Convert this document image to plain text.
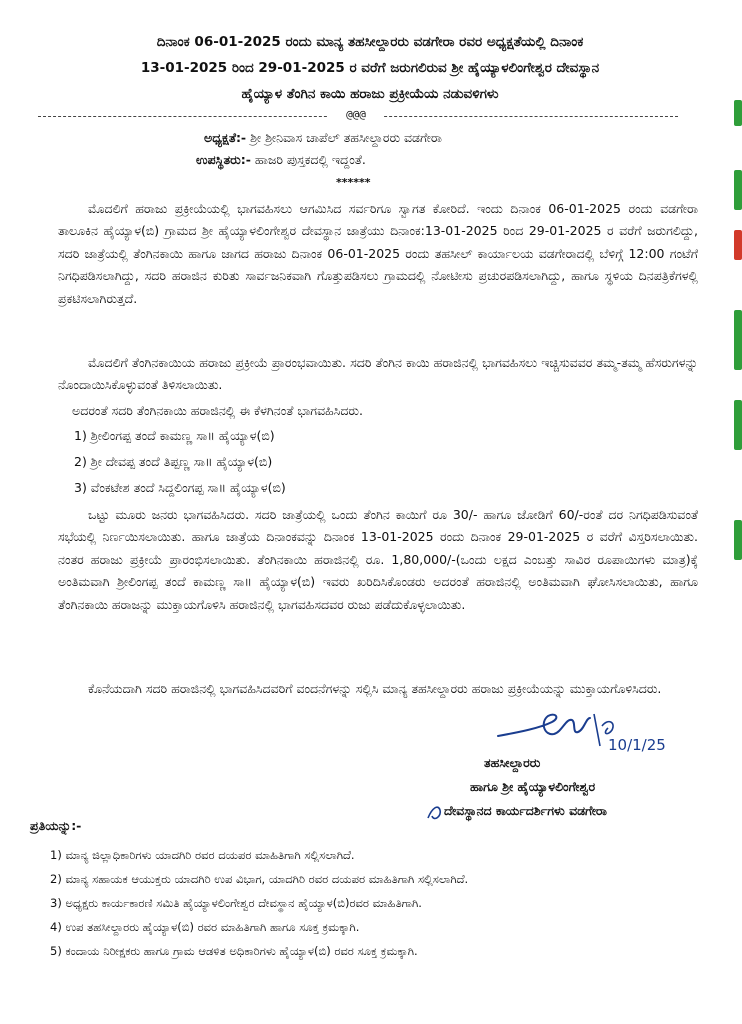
ದಿನಾಂಕ 06-01-2025 ರಂದು ಮಾನ್ಯ ತಹಸೀಲ್ದಾರರು ವಡಗೇರಾ ರವರ ಅಧ್ಯಕ್ಷತೆಯಲ್ಲಿ ದಿನಾಂಕ
13-01-2025 ರಿಂದ 29-01-2025 ರ ವರೆಗೆ ಜರುಗಲಿರುವ ಶ್ರೀ ಹೈಯ್ಯಾಳಲಿಂಗೇಶ್ವರ ದೇವಸ್ಥಾನ
ಹೈಯ್ಯಾಳ ತೆಂಗಿನ ಕಾಯಿ ಹರಾಜು ಪ್ರಕ್ರೀಯೆಯ ನಡುವಳಿಗಳು
@@@
ಅಧ್ಯಕ್ಷತೆ:- ಶ್ರೀ ಶ್ರೀನಿವಾಸ ಚಾಪೆಲ್ ತಹಸೀಲ್ದಾರರು ವಡಗೇರಾ
ಉಪಸ್ಥಿತರು:- ಹಾಜರಿ ಪುಸ್ತಕದಲ್ಲಿ ಇದ್ದಂತೆ.
******

ಮೊದಲಿಗೆ ಹರಾಜು ಪ್ರಕ್ರೀಯೆಯಲ್ಲಿ ಭಾಗವಹಿಸಲು ಆಗಮಿಸಿದ ಸರ್ವರಿಗೂ ಸ್ವಾಗತ ಕೋರಿದೆ. ಇಂದು ದಿನಾಂಕ 06-01-2025 ರಂದು ವಡಗೇರಾ ತಾಲೂಕಿನ ಹೈಯ್ಯಾಳ(ಬಿ) ಗ್ರಾಮದ ಶ್ರೀ ಹೈಯ್ಯಾಳಲಿಂಗೇಶ್ವರ ದೇವಸ್ಥಾನ ಜಾತ್ರೆಯು ದಿನಾಂಕ:13-01-2025 ರಿಂದ 29-01-2025 ರ ವರೆಗೆ ಜರುಗಲಿದ್ದು, ಸದರಿ ಜಾತ್ರೆಯಲ್ಲಿ ತೆಂಗಿನಕಾಯಿ ಹಾಗೂ ಜಾಗದ ಹರಾಜು ದಿನಾಂಕ 06-01-2025 ರಂದು ತಹಸೀಲ್ ಕಾರ್ಯಾಲಯ ವಡಗೇರಾದಲ್ಲಿ ಬೆಳಿಗ್ಗೆ 12:00 ಗಂಟೆಗೆ ನಿಗಧಿಪಡಿಸಲಾಗಿದ್ದು, ಸದರಿ ಹರಾಜಿನ ಕುರಿತು ಸಾರ್ವಜನಿಕವಾಗಿ ಗೊತ್ತುಪಡಿಸಲು ಗ್ರಾಮದಲ್ಲಿ ನೋಟೀಸು ಪ್ರಚುರಪಡಿಸಲಾಗಿದ್ದು, ಹಾಗೂ ಸ್ಥಳಿಯ ದಿನಪತ್ರಿಕೆಗಳಲ್ಲಿ ಪ್ರಕಟಿಸಲಾಗಿರುತ್ತದೆ.

ಮೊದಲಿಗೆ ತೆಂಗಿನಕಾಯಿಯ ಹರಾಜು ಪ್ರಕ್ರೀಯೆ ಪ್ರಾರಂಭವಾಯಿತು. ಸದರಿ ತೆಂಗಿನ ಕಾಯಿ ಹರಾಜಿನಲ್ಲಿ ಭಾಗವಹಿಸಲು ಇಚ್ಚಿಸುವವರ ತಮ್ಮ-ತಮ್ಮ ಹೆಸರುಗಳನ್ನು ನೊಂದಾಯಿಸಿಕೊಳ್ಳುವಂತೆ ತಿಳಿಸಲಾಯಿತು.

ಅದರಂತೆ ಸದರಿ ತೆಂಗಿನಕಾಯಿ ಹರಾಜಿನಲ್ಲಿ ಈ ಕೆಳಗಿನಂತೆ ಭಾಗವಹಿಸಿದರು.

1) ಶ್ರೀಲಿಂಗಪ್ಪ ತಂದೆ ಕಾಮಣ್ಣ ಸಾ॥ ಹೈಯ್ಯಾಳ(ಬಿ)
2) ಶ್ರೀ ದೇವಪ್ಪ ತಂದೆ ತಿಪ್ಪಣ್ಣ ಸಾ॥ ಹೈಯ್ಯಾಳ(ಬಿ)
3) ವೆಂಕಟೇಶ ತಂದೆ ಸಿದ್ದಲಿಂಗಪ್ಪ ಸಾ॥ ಹೈಯ್ಯಾಳ(ಬಿ)

ಒಟ್ಟು ಮೂರು ಜನರು ಭಾಗವಹಿಸಿದರು. ಸದರಿ ಜಾತ್ರೆಯಲ್ಲಿ ಒಂದು ತೆಂಗಿನ ಕಾಯಿಗೆ ರೂ 30/- ಹಾಗೂ ಜೋಡಿಗೆ 60/-ರಂತೆ ದರ ನಿಗಧಿಪಡಿಸುವಂತೆ ಸಭೆಯಲ್ಲಿ ನಿರ್ಣಯಿಸಲಾಯಿತು. ಹಾಗೂ ಜಾತ್ರೆಯ ದಿನಾಂಕವನ್ನು ದಿನಾಂಕ 13-01-2025 ರಂದು ದಿನಾಂಕ 29-01-2025 ರ ವರೆಗೆ ವಿಸ್ತರಿಸಲಾಯಿತು. ನಂತರ ಹರಾಜು ಪ್ರಕ್ರೀಯೆ ಪ್ರಾರಂಭಿಸಲಾಯಿತು. ತೆಂಗಿನಕಾಯಿ ಹರಾಜಿನಲ್ಲಿ ರೂ. 1,80,000/-(ಒಂದು ಲಕ್ಷದ ಎಂಬತ್ತು ಸಾವಿರ ರೂಪಾಯಿಗಳು ಮಾತ್ರ)ಕ್ಕೆ ಅಂತಿಮವಾಗಿ ಶ್ರೀಲಿಂಗಪ್ಪ ತಂದೆ ಕಾಮಣ್ಣ ಸಾ॥ ಹೈಯ್ಯಾಳ(ಬಿ) ಇವರು ಖರಿದಿಸಿಕೊಂಡರು ಅದರಂತೆ ಹರಾಜಿನಲ್ಲಿ ಅಂತಿಮವಾಗಿ ಘೋಸಿಸಲಾಯಿತು, ಹಾಗೂ ತೆಂಗಿನಕಾಯಿ ಹರಾಜನ್ನು ಮುಕ್ತಾಯಗೊಳಿಸಿ ಹರಾಜಿನಲ್ಲಿ ಭಾಗವಹಿಸದವರ ರುಜು ಪಡೆದುಕೊಳ್ಳಲಾಯಿತು.

ಕೊನೆಯದಾಗಿ ಸದರಿ ಹರಾಜಿನಲ್ಲಿ ಭಾಗವಹಿಸಿದವರಿಗೆ ವಂದನೆಗಳನ್ನು ಸಲ್ಲಿಸಿ ಮಾನ್ಯ ತಹಸೀಲ್ದಾರರು ಹರಾಜು ಪ್ರಕ್ರೀಯೆಯನ್ನು ಮುಕ್ತಾಯಗೊಳಿಸಿದರು.

10/1/25
ತಹಸೀಲ್ದಾರರು
ಹಾಗೂ ಶ್ರೀ ಹೈಯ್ಯಾಳಲಿಂಗೇಶ್ವರ
ದೇವಸ್ಥಾನದ ಕಾರ್ಯದರ್ಶಿಗಳು ವಡಗೇರಾ
ಪ್ರತಿಯನ್ನು:-
1) ಮಾನ್ಯ ಜಿಲ್ಲಾಧಿಕಾರಿಗಳು ಯಾದಗಿರಿ ರವರ ದಯಪರ ಮಾಹಿತಿಗಾಗಿ ಸಲ್ಲಿಸಲಾಗಿದೆ.
2) ಮಾನ್ಯ ಸಹಾಯಕ ಆಯುಕ್ತರು ಯಾದಗಿರಿ ಉಪ ವಿಭಾಗ, ಯಾದಗಿರಿ ರವರ ದಯಪರ ಮಾಹಿತಿಗಾಗಿ ಸಲ್ಲಿಸಲಾಗಿದೆ.
3) ಅಧ್ಯಕ್ಷರು ಕಾರ್ಯಕಾರಣಿ ಸಮಿತಿ ಹೈಯ್ಯಾಳಲಿಂಗೇಶ್ವರ ದೇವಸ್ಥಾನ ಹೈಯ್ಯಾಳ(ಬಿ)ರವರ ಮಾಹಿತಿಗಾಗಿ.
4) ಉಪ ತಹಸೀಲ್ದಾರರು ಹೈಯ್ಯಾಳ(ಬಿ) ರವರ ಮಾಹಿತಿಗಾಗಿ ಹಾಗೂ ಸೂಕ್ತ ಕ್ರಮಕ್ಕಾಗಿ.
5) ಕಂದಾಯ ನಿರೀಕ್ಷಕರು ಹಾಗೂ ಗ್ರಾಮ ಆಡಳಿತ ಅಧಿಕಾರಿಗಳು ಹೈಯ್ಯಾಳ(ಬಿ) ರವರ ಸೂಕ್ತ ಕ್ರಮಕ್ಕಾಗಿ.
